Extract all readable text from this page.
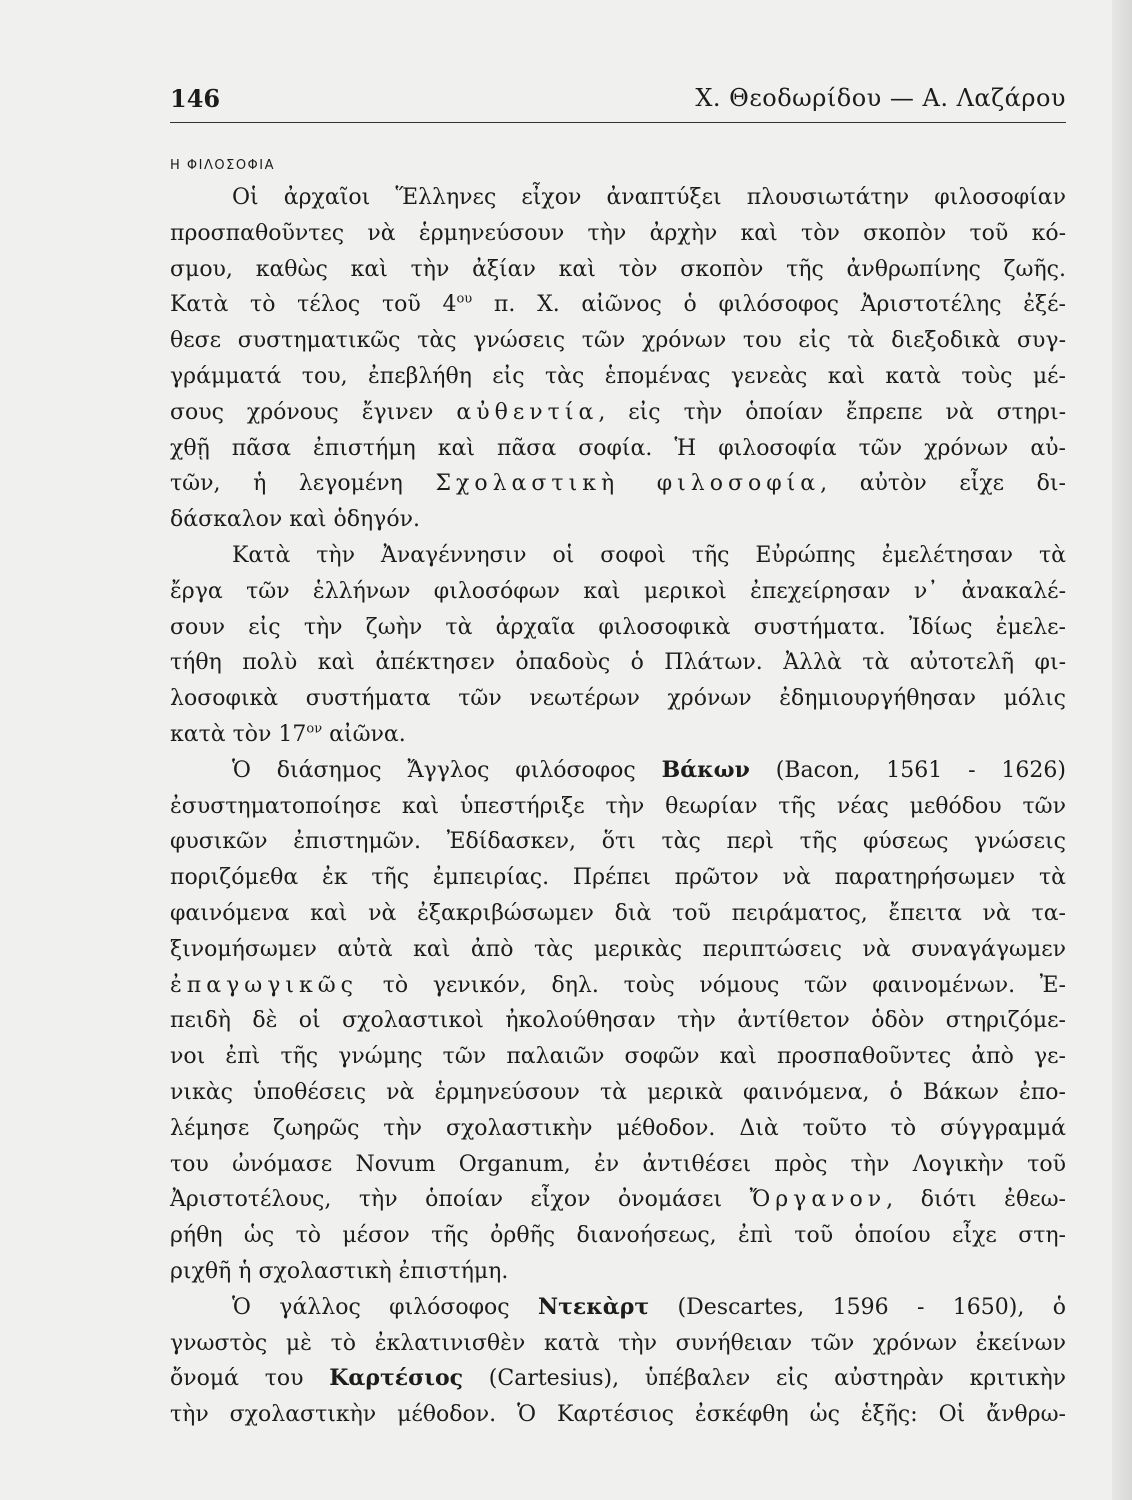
146	Χ. Θεοδωρίδου — Α. Λαζάρου
Η ΦΙΛΟΣΟΦΙΑ
Οἱ ἀρχαῖοι Ἕλληνες εἶχον ἀναπτύξει πλουσιωτάτην φιλοσοφίαν
προσπαθοῦντες νὰ ἑρμηνεύσουν τὴν ἀρχὴν καὶ τὸν σκοπὸν τοῦ κό-
σμου, καθὼς καὶ τὴν ἀξίαν καὶ τὸν σκοπὸν τῆς ἀνθρωπίνης ζωῆς.
Κατὰ τὸ τέλος τοῦ $4^{o\upsilon}$ π. Χ. αἰῶνος ὁ φιλόσοφος Ἀριστοτέλης ἐξέ-
θεσε συστηματικῶς τὰς γνώσεις τῶν χρόνων του εἰς τὰ διεξοδικὰ συγ-
γράμματά του, ἐπεβλήθη εἰς τὰς ἑπομένας γενεὰς καὶ κατὰ τοὺς μέ-
σους χρόνους ἔγινεν αὐθεντία, εἰς τὴν ὁποίαν ἔπρεπε νὰ στηρι-
χθῇ πᾶσα ἐπιστήμη καὶ πᾶσα σοφία. Ἡ φιλοσοφία τῶν χρόνων αὐ-
τῶν, ἡ λεγομένη Σχολαστικὴ φιλοσοφία, αὐτὸν εἶχε δι-
δάσκαλον καὶ ὁδηγόν.
Κατὰ τὴν Ἀναγέννησιν οἱ σοφοὶ τῆς Εὐρώπης ἐμελέτησαν τὰ
ἔργα τῶν ἑλλήνων φιλοσόφων καὶ μερικοὶ ἐπεχείρησαν ν᾿ ἀνακαλέ-
σουν εἰς τὴν ζωὴν τὰ ἀρχαῖα φιλοσοφικὰ συστήματα. Ἰδίως ἐμελε-
τήθη πολὺ καὶ ἀπέκτησεν ὀπαδοὺς ὁ Πλάτων. Ἀλλὰ τὰ αὐτοτελῆ φι-
λοσοφικὰ συστήματα τῶν νεωτέρων χρόνων ἐδημιουργήθησαν μόλις
κατὰ τὸν $17^{o\nu}$ αἰῶνα.
Ὁ διάσημος Ἄγγλος φιλόσοφος Βάκων (Bacon, 1561 - 1626)
ἐσυστηματοποίησε καὶ ὑπεστήριξε τὴν θεωρίαν τῆς νέας μεθόδου τῶν
φυσικῶν ἐπιστημῶν. Ἐδίδασκεν, ὅτι τὰς περὶ τῆς φύσεως γνώσεις
ποριζόμεθα ἐκ τῆς ἐμπειρίας. Πρέπει πρῶτον νὰ παρατηρήσωμεν τὰ
φαινόμενα καὶ νὰ ἐξακριβώσωμεν διὰ τοῦ πειράματος, ἔπειτα νὰ τα-
ξινομήσωμεν αὐτὰ καὶ ἀπὸ τὰς μερικὰς περιπτώσεις νὰ συναγάγωμεν
ἐπαγωγικῶς τὸ γενικόν, δηλ. τοὺς νόμους τῶν φαινομένων. Ἐ-
πειδὴ δὲ οἱ σχολαστικοὶ ἠκολούθησαν τὴν ἀντίθετον ὁδὸν στηριζόμε-
νοι ἐπὶ τῆς γνώμης τῶν παλαιῶν σοφῶν καὶ προσπαθοῦντες ἀπὸ γε-
νικὰς ὑποθέσεις νὰ ἑρμηνεύσουν τὰ μερικὰ φαινόμενα, ὁ Βάκων ἐπο-
λέμησε ζωηρῶς τὴν σχολαστικὴν μέθοδον. Διὰ τοῦτο τὸ σύγγραμμά
του ὠνόμασε Novum Organum, ἐν ἀντιθέσει πρὸς τὴν Λογικὴν τοῦ
Ἀριστοτέλους, τὴν ὁποίαν εἶχον ὀνομάσει Ὄργανον, διότι ἐθεω-
ρήθη ὡς τὸ μέσον τῆς ὀρθῆς διανοήσεως, ἐπὶ τοῦ ὁποίου εἶχε στη-
ριχθῆ ἡ σχολαστικὴ ἐπιστήμη.
Ὁ γάλλος φιλόσοφος Ντεκὰρτ (Descartes, 1596 - 1650), ὁ
γνωστὸς μὲ τὸ ἐκλατινισθὲν κατὰ τὴν συνήθειαν τῶν χρόνων ἐκείνων
ὄνομά του Καρτέσιος (Cartesius), ὑπέβαλεν εἰς αὐστηρὰν κριτικὴν
τὴν σχολαστικὴν μέθοδον. Ὁ Καρτέσιος ἐσκέφθη ὡς ἑξῆς: Οἱ ἄνθρω-
